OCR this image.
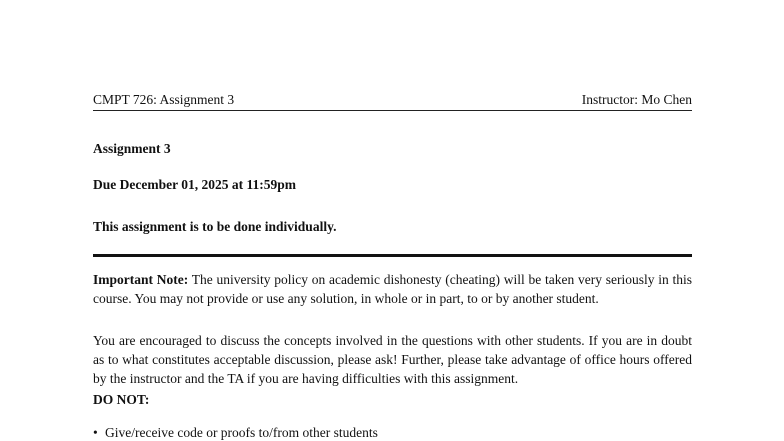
CMPT 726: Assignment 3	Instructor: Mo Chen
Assignment 3
Due December 01, 2025 at 11:59pm
This assignment is to be done individually.
Important Note: The university policy on academic dishonesty (cheating) will be taken very seriously in this course. You may not provide or use any solution, in whole or in part, to or by another student.
You are encouraged to discuss the concepts involved in the questions with other students. If you are in doubt as to what constitutes acceptable discussion, please ask! Further, please take advantage of office hours offered by the instructor and the TA if you are having difficulties with this assignment.
DO NOT:
• Give/receive code or proofs to/from other students
